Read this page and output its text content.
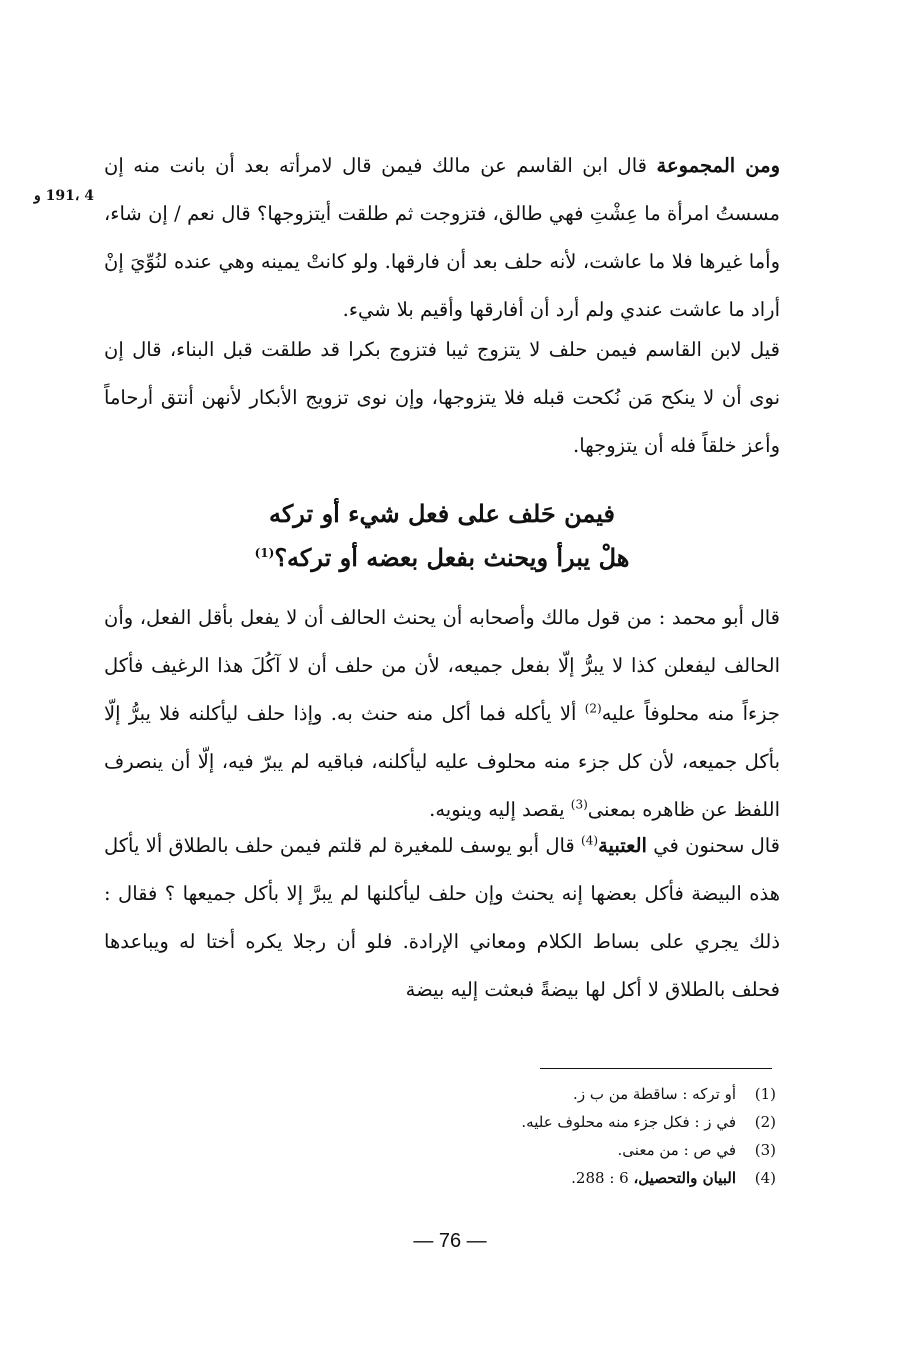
4 ،191 و

ومن المجموعة قال ابن القاسم عن مالك فيمن قال لامرأته بعد أن بانت منه إن مسستُ امرأة ما عِشْتِ فهي طالق، فتزوجت ثم طلقت أيتزوجها؟ قال نعم / إن شاء، وأما غيرها فلا ما عاشت، لأنه حلف بعد أن فارقها. ولو كانتْ يمينه وهي عنده لنُوِّيَ إنْ أراد ما عاشت عندي ولم أرد أن أفارقها وأقيم بلا شيء.

قيل لابن القاسم فيمن حلف لا يتزوج ثيبا فتزوج بكرا قد طلقت قبل البناء، قال إن نوى أن لا ينكح مَن نُكحت قبله فلا يتزوجها، وإن نوى تزويج الأبكار لأنهن أنتق أرحاماً وأعز خلقاً فله أن يتزوجها.

فيمن حَلف على فعل شيء أو تركه
هلْ يبرأ ويحنث بفعل بعضه أو تركه؟$^{(1)}$

قال أبو محمد : من قول مالك وأصحابه أن يحنث الحالف أن لا يفعل بأقل الفعل، وأن الحالف ليفعلن كذا لا يبرُّ إلّا بفعل جميعه، لأن من حلف أن لا آكُلَ هذا الرغيف فأكل جزءاً منه محلوفاً عليه$^{(2)}$ ألا يأكله فما أكل منه حنث به. وإذا حلف ليأكلنه فلا يبرُّ إلّا بأكل جميعه، لأن كل جزء منه محلوف عليه ليأكلنه، فباقيه لم يبرّ فيه، إلّا أن ينصرف اللفظ عن ظاهره بمعنى$^{(3)}$ يقصد إليه وينويه.

قال سحنون في العتبية$^{(4)}$ قال أبو يوسف للمغيرة لم قلتم فيمن حلف بالطلاق ألا يأكل هذه البيضة فأكل بعضها إنه يحنث وإن حلف ليأكلنها لم يبرَّ إلا بأكل جميعها ؟ فقال : ذلك يجري على بساط الكلام ومعاني الإرادة. فلو أن رجلا يكره أختا له ويباعدها فحلف بالطلاق لا أكل لها بيضةً فبعثت إليه بيضة

(1)
أو تركه : ساقطة من ب ز.
(2)
في ز : فكل جزء منه محلوف عليه.
(3)
في ص : من معنى.
(4)
البيان والتحصيل، 6 : 288.
— 76 —
